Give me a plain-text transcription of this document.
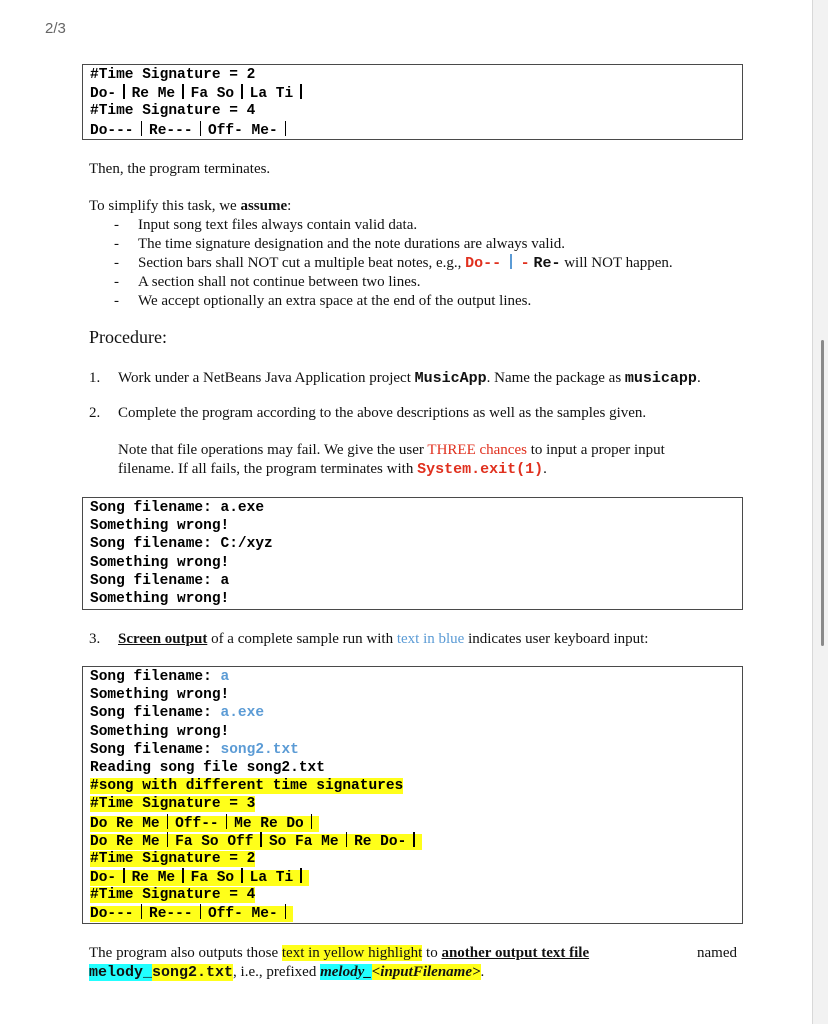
2/3
#Time Signature = 2
Do- Re Me Fa So La Ti
#Time Signature = 4
Do--- Re--- Off- Me-
Then, the program terminates.
To simplify this task, we assume:
- Input song text files always contain valid data.
- The time signature designation and the note durations are always valid.
- Section bars shall NOT cut a multiple beat notes, e.g., Do-- - Re- will NOT happen.
- A section shall not continue between two lines.
- We accept optionally an extra space at the end of the output lines.
Procedure:
1. Work under a NetBeans Java Application project MusicApp. Name the package as musicapp.
2. Complete the program according to the above descriptions as well as the samples given.
Note that file operations may fail. We give the user THREE chances to input a proper input
filename. If all fails, the program terminates with System.exit(1).
Song filename: a.exe
Something wrong!
Song filename: C:/xyz
Something wrong!
Song filename: a
Something wrong!
3. Screen output of a complete sample run with text in blue indicates user keyboard input:
Song filename: a
Something wrong!
Song filename: a.exe
Something wrong!
Song filename: song2.txt
Reading song file song2.txt
#song with different time signatures
#Time Signature = 3
Do Re Me Off-- Me Re Do
Do Re Me Fa So Off So Fa Me Re Do-
#Time Signature = 2
Do- Re Me Fa So La Ti
#Time Signature = 4
Do--- Re--- Off- Me-
The program also outputs those text in yellow highlight to another output text file	named
melody_song2.txt, i.e., prefixed melody_<inputFilename>.
